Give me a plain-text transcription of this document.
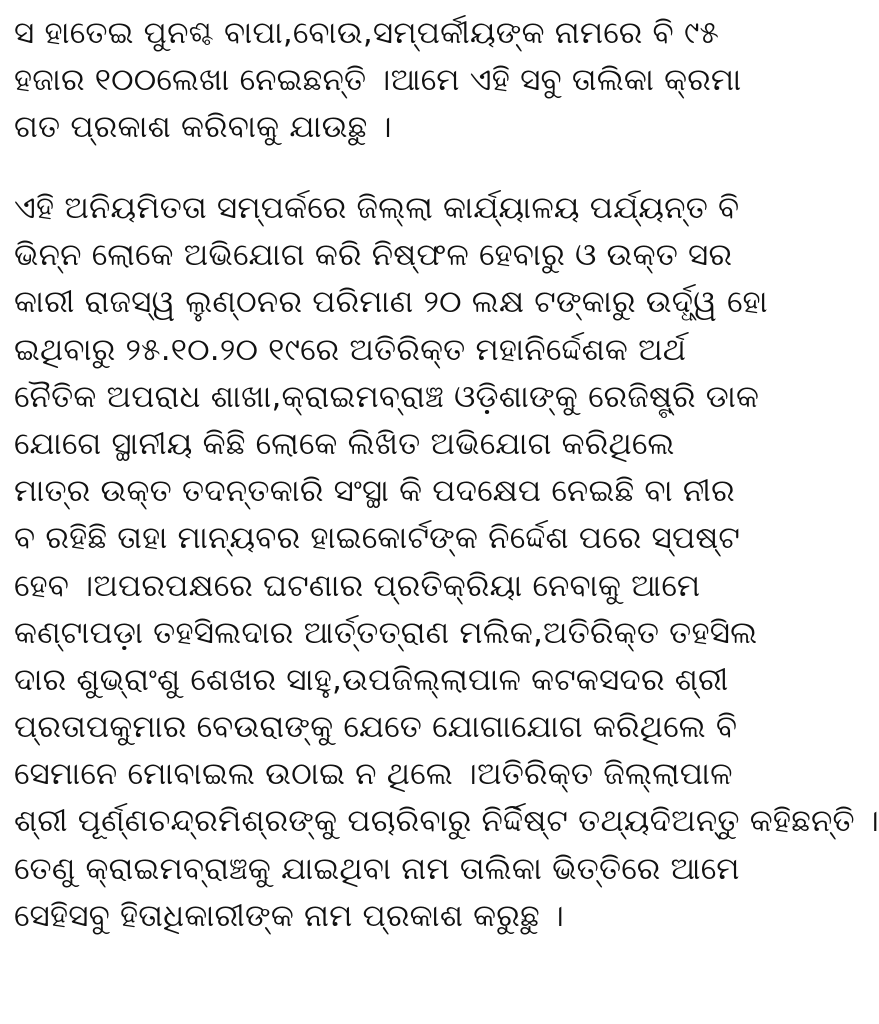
ସ ହାତେଇ ପୁନଶ୍ଚ ବାପା,ବୋଉ,ସମ୍ପର୍କୀୟଙ୍କ ନାମରେ ବି ୯୫
ହଜାର ୧୦୦ଲେଖା ନେଇଛନ୍ତି ।ଆମେ ଏହି ସବୁ ତାଲିକା କ୍ରମା
ଗତ ପ୍ରକାଶ କରିବାକୁ ଯାଉଛୁ ।
ଏହି ଅନିୟମିତତା ସମ୍ପର୍କରେ ଜିଲ୍ଲା କାର୍ଯ୍ୟାଳୟ ପର୍ଯ୍ୟନ୍ତ ବି
ଭିନ୍ନ ଲୋକେ ଅଭିଯୋଗ କରି ନିଷ୍ଫଳ ହେବାରୁ ଓ ଉକ୍ତ ସର
କାରୀ ରାଜସ୍ୱ ଲୁଣ୍ଠନର ପରିମାଣ ୨୦ ଲକ୍ଷ ଟଙ୍କାରୁ ଉର୍ଦ୍ଧ୍ୱ ହୋ
ଇଥିବାରୁ ୨୫.୧୦.୨୦ ୧୯ରେ ଅତିରିକ୍ତ ମହାନିର୍ଦ୍ଦେଶକ ଅର୍ଥ
ନୈତିକ ଅପରାଧ ଶାଖା,କ୍ରାଇମବ୍ରାଞ୍ଚ ଓଡ଼ିଶାଙ୍କୁ ରେଜିଷ୍ଟ୍ରି ଡାକ
ଯୋଗେ ସ୍ଥାନୀୟ କିଛି ଲୋକେ ଲିଖିତ ଅଭିଯୋଗ କରିଥିଲେ
ମାତ୍ର ଉକ୍ତ ତଦନ୍ତକାରି ସଂସ୍ଥା କି ପଦକ୍ଷେପ ନେଇଛି ବା ନୀର
ବ ରହିଛି ତାହା ମାନ୍ୟବର ହାଇକୋର୍ଟଙ୍କ ନିର୍ଦ୍ଦେଶ ପରେ ସ୍ପଷ୍ଟ
ହେବ ।ଅପରପକ୍ଷରେ ଘଟଣାର ପ୍ରତିକ୍ରିୟା ନେବାକୁ ଆମେ
କଣ୍ଟାପଡ଼ା ତହସିଲଦାର ଆର୍ତ୍ତତ୍ରାଣ ମଲିକ,ଅତିରିକ୍ତ ତହସିଲ
ଦାର ଶୁଭ୍ରାଂଶୁ ଶେଖର ସାହୁ,ଉପଜିଲ୍ଲାପାଳ କଟକସଦର ଶ୍ରୀ
ପ୍ରତାପକୁମାର ବେଉରାଙ୍କୁ ଯେତେ ଯୋଗାଯୋଗ କରିଥିଲେ ବି
ସେମାନେ ମୋବାଇଲ ଉଠାଇ ନ ଥିଲେ ।ଅତିରିକ୍ତ ଜିଲ୍ଲାପାଳ
ଶ୍ରୀ ପୂର୍ଣ୍ଣଚନ୍ଦ୍ରମିଶ୍ରଙ୍କୁ ପଚାରିବାରୁ ନିର୍ଦ୍ଦିଷ୍ଟ ତଥ୍ୟଦିଅନ୍ତୁ କହିଛନ୍ତି ।
ତେଣୁ କ୍ରାଇମବ୍ରାଞ୍ଚକୁ ଯାଇଥିବା ନାମ ତାଲିକା ଭିତ୍ତିରେ ଆମେ
ସେହିସବୁ ହିତାଧିକାରୀଙ୍କ ନାମ ପ୍ରକାଶ କରୁଛୁ ।
